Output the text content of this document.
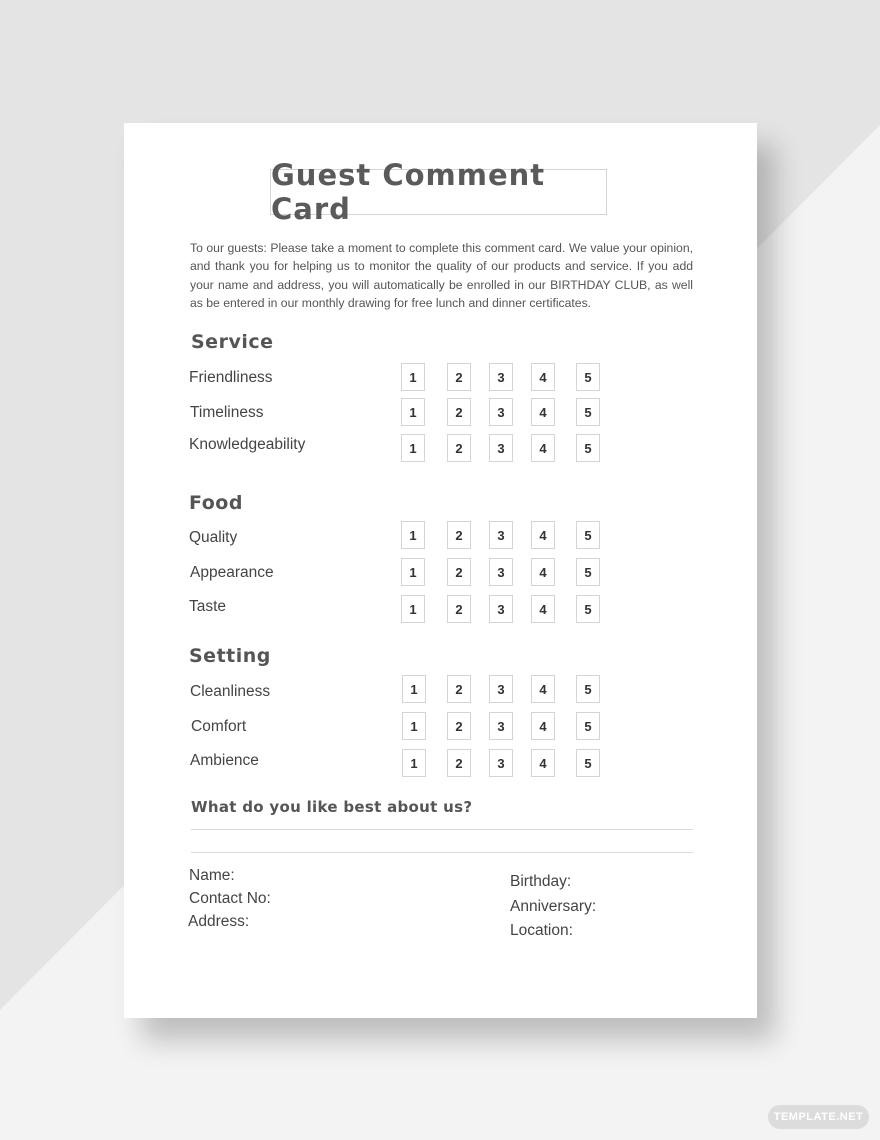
Guest Comment Card
To our guests: Please take a moment to complete this comment card. We value your opinion, and thank you for helping us to monitor the quality of our products and service. If you add your name and address, you will automatically be enrolled in our BIRTHDAY CLUB, as well as be entered in our monthly drawing for free lunch and dinner certificates.
Service
Friendliness	1	2	3	4	5
Timeliness	1	2	3	4	5
Knowledgeability	1	2	3	4	5
Food
Quality	1	2	3	4	5
Appearance	1	2	3	4	5
Taste	1	2	3	4	5
Setting
Cleanliness	1	2	3	4	5
Comfort	1	2	3	4	5
Ambience	1	2	3	4	5
What do you like best about us?
Name:
Contact No:
Address:
Birthday:
Anniversary:
Location:
TEMPLATE.NET
